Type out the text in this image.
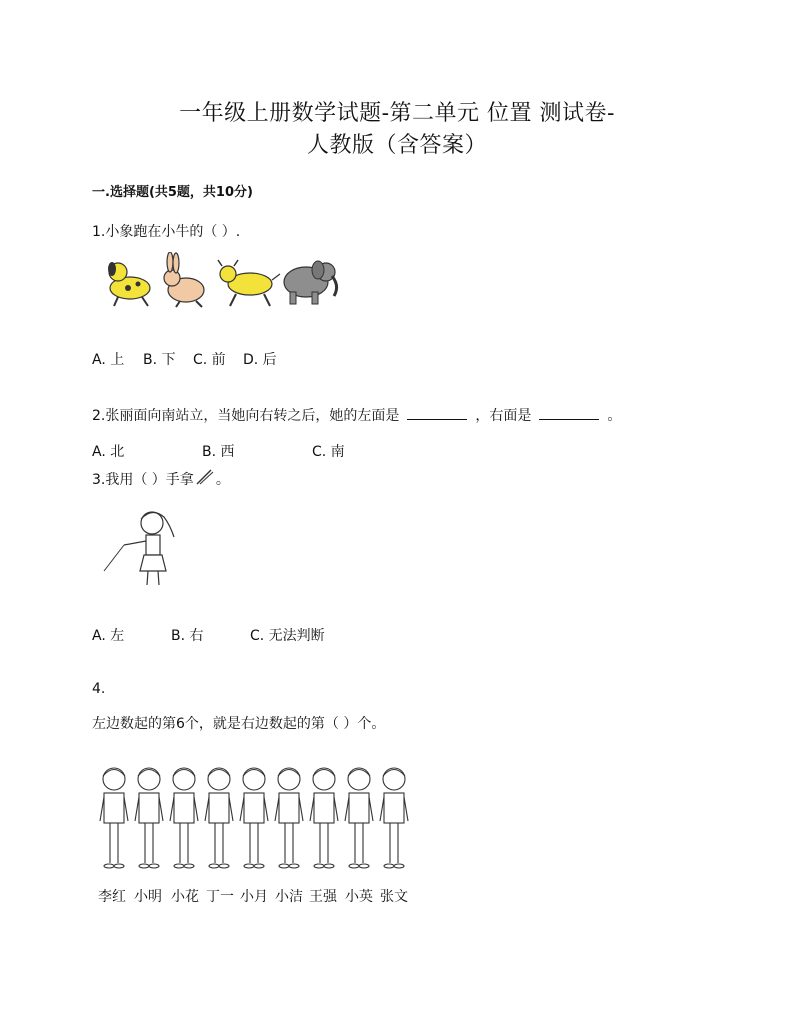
一年级上册数学试题-第二单元 位置 测试卷-
人教版（含答案）
一.选择题(共5题，共10分)
1.小象跑在小牛的（ ）.
A. 上 B. 下 C. 前 D. 后
2.张丽面向南站立，当她向右转之后，她的左面是	，右面是	。
A. 北	B. 西	C. 南
3.我用（ ）手拿 。
A. 左	B. 右	C. 无法判断
4.
左边数起的第6个，就是右边数起的第（ ）个。
李红 小明 小花 丁一 小月 小洁 王强 小英 张文
